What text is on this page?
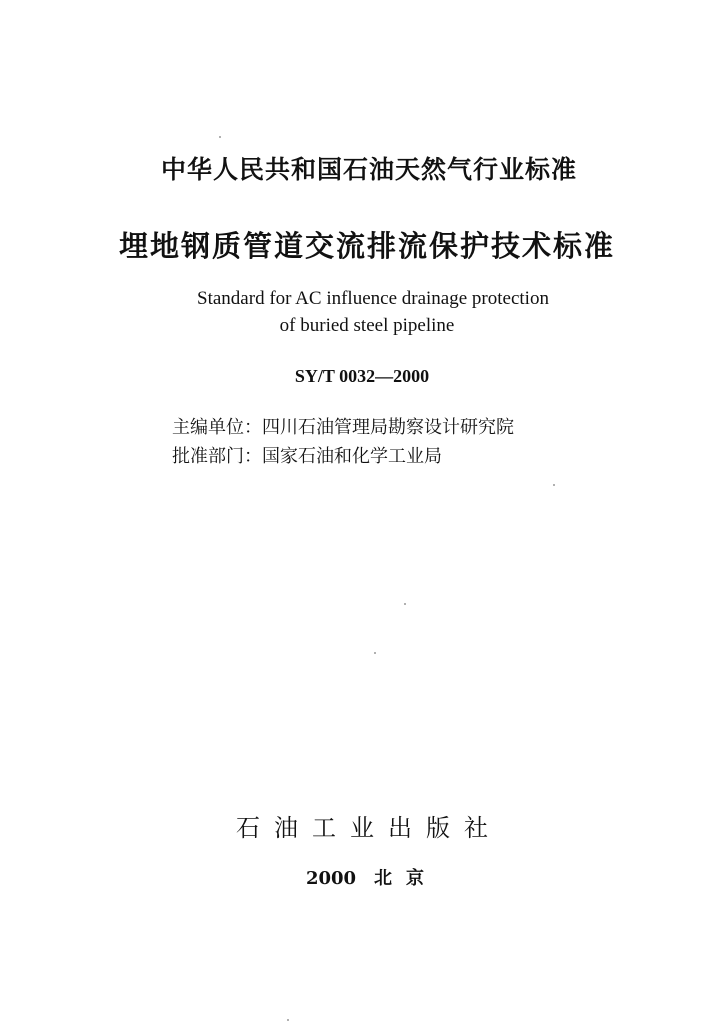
中华人民共和国石油天然气行业标准
埋地钢质管道交流排流保护技术标准
Standard for AC influence drainage protection
of buried steel pipeline
SY/T 0032—2000
主编单位：四川石油管理局勘察设计研究院
批准部门：国家石油和化学工业局
石油工业出版社
2000 北京
